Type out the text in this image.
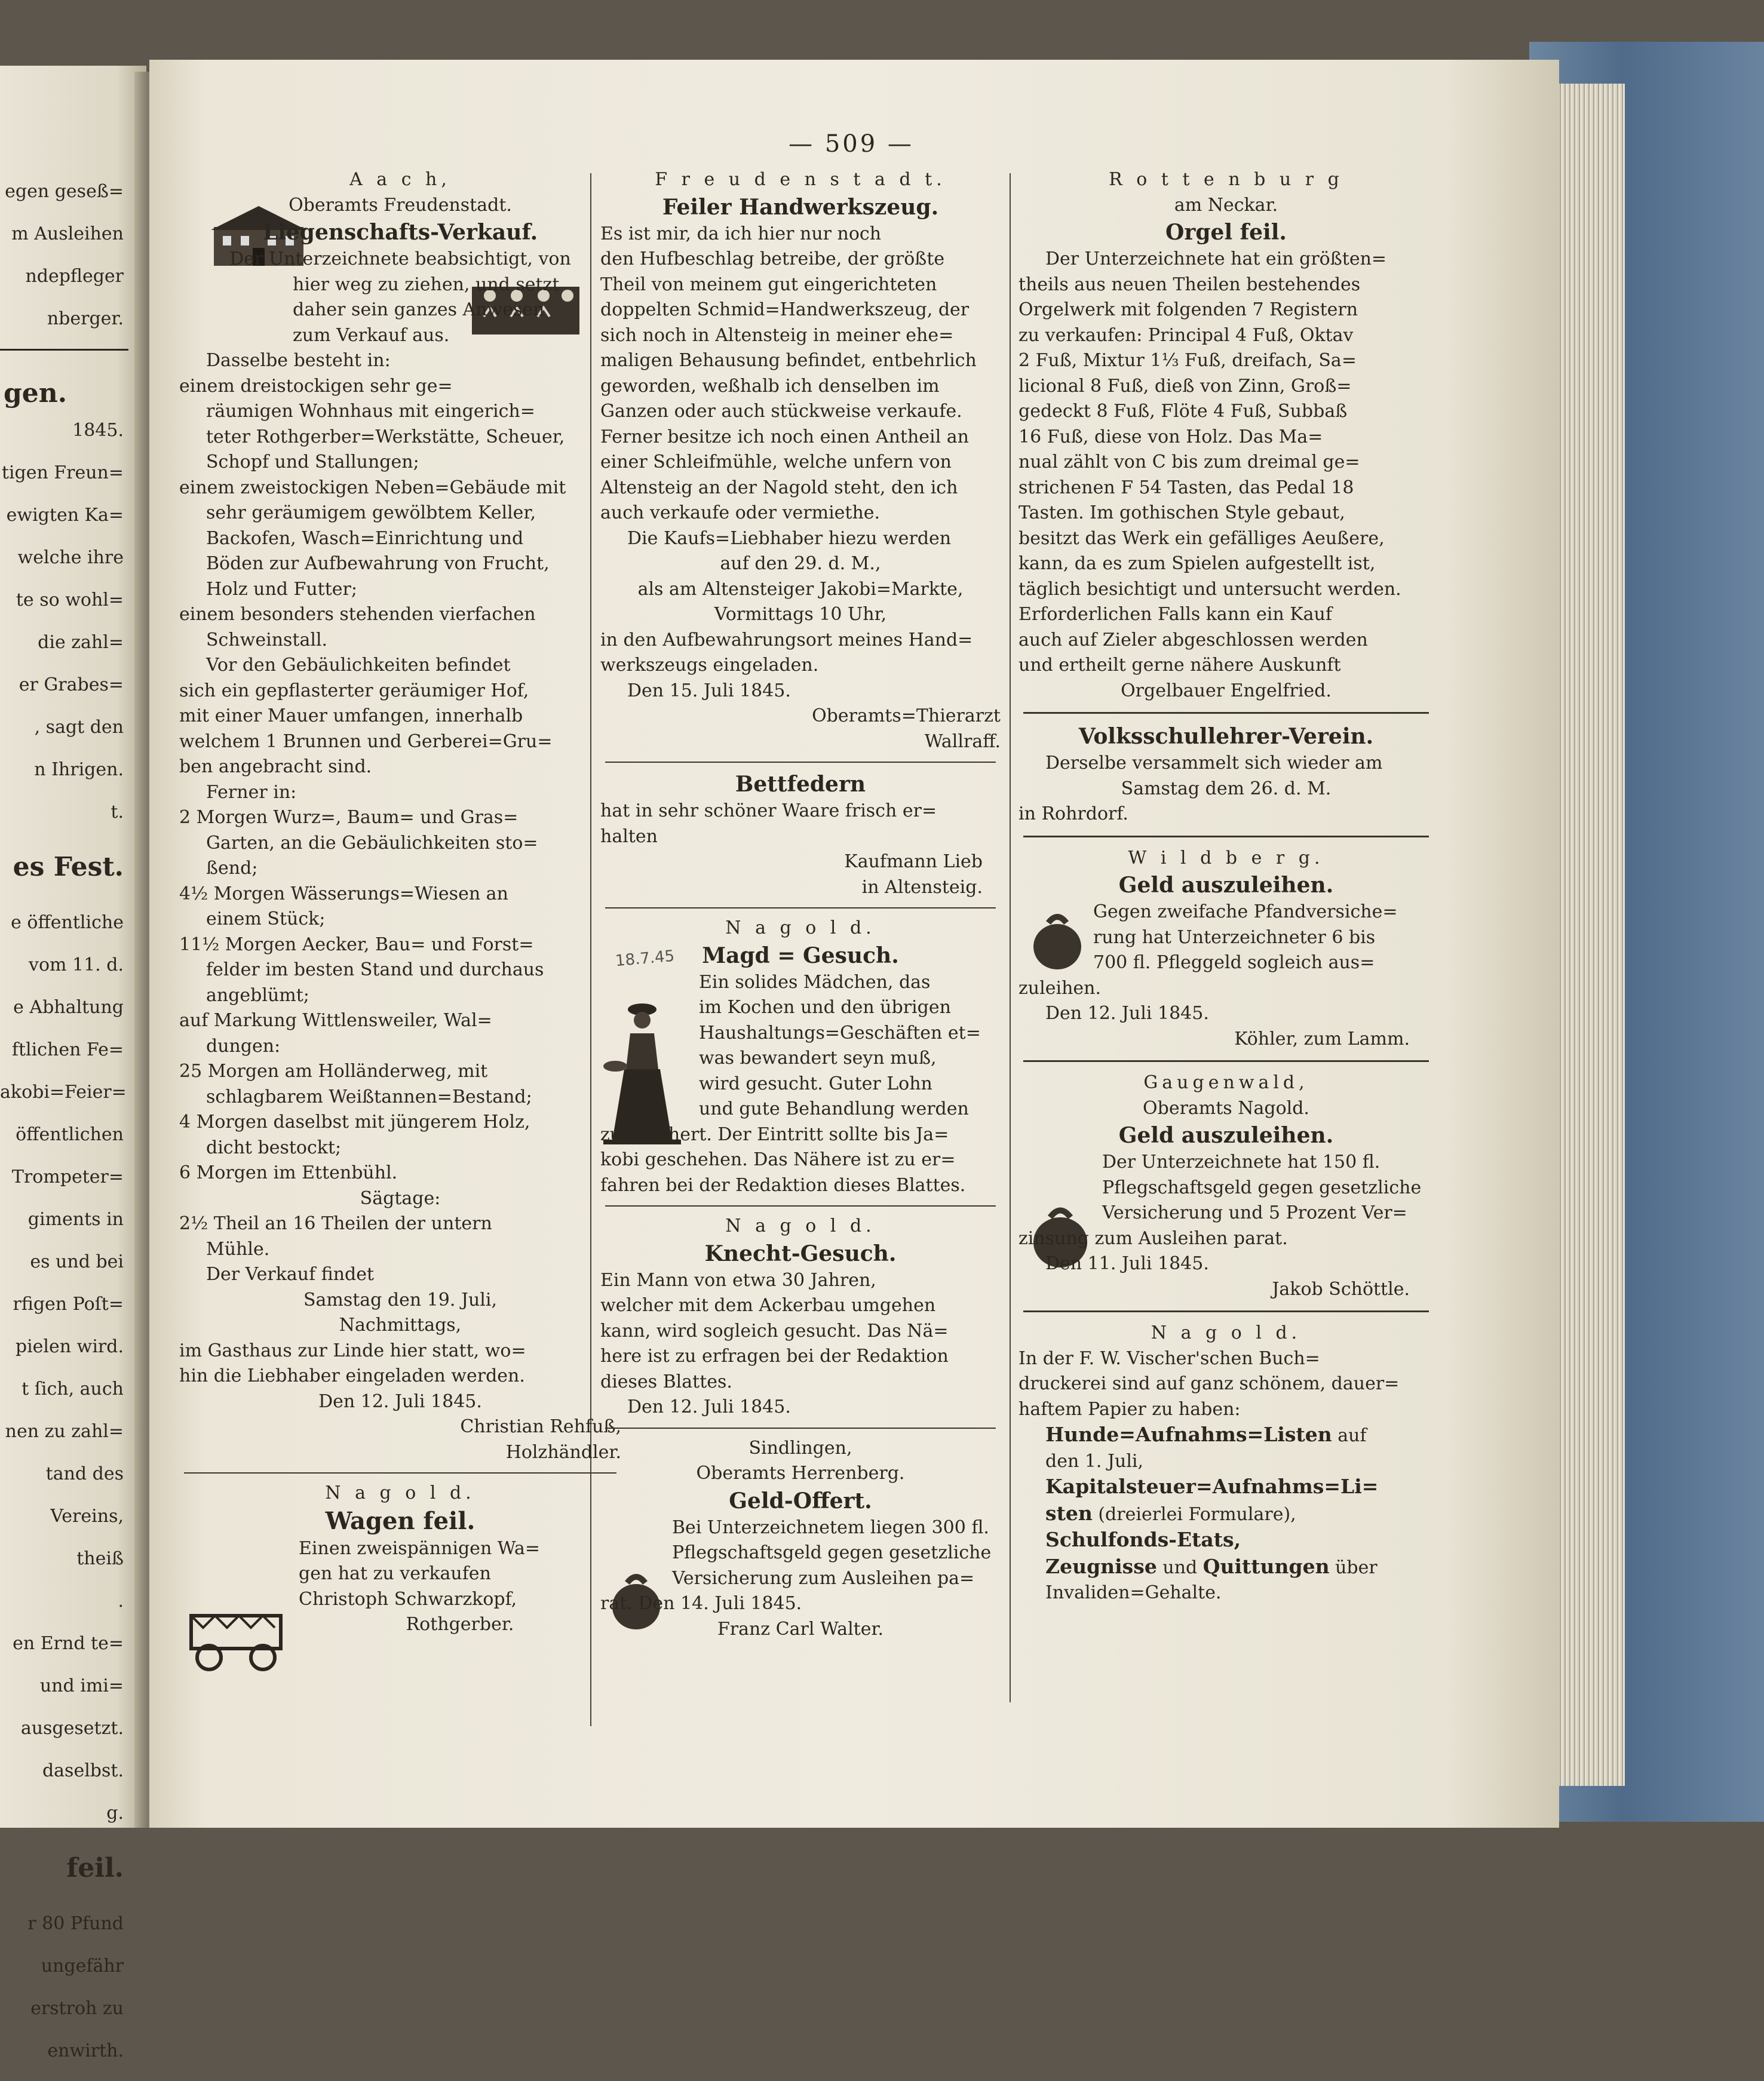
egen geseß=

m Ausleihen

ndepfleger

nberger.

gen.

1845.

tigen Freun=

ewigten Ka=

welche ihre

te so wohl=

die zahl=

er Grabes=

, sagt den

n Ihrigen.

t.

es Fest.

e öffentliche

vom 11. d.

e Abhaltung

ftlichen Fe=

akobi=Feier=

öffentlichen

Trompeter=

giments in

es und bei

rfigen Poſt=

pielen wird.

t ſich, auch

nen zu zahl=

tand des

Vereins,

theiß

.

en Ernd te=

und imi=

ausgesetzt.

daselbst.

g.

feil.

r 80 Pfund

ungefähr

erstroh zu

enwirth.

— 509 —
18.7.45

A a c h,

Oberamts Freudenstadt.

Liegenschafts-Verkauf.

Der Unterzeichnete beabsichtigt, von

hier weg zu ziehen, und setzt

daher sein ganzes Anwesen

zum Verkauf aus.

Dasselbe besteht in:

einem dreistockigen sehr ge=

räumigen Wohnhaus mit eingerich=

teter Rothgerber=Werkstätte, Scheuer,

Schopf und Stallungen;

einem zweistockigen Neben=Gebäude mit

sehr geräumigem gewölbtem Keller,

Backofen, Wasch=Einrichtung und

Böden zur Aufbewahrung von Frucht,

Holz und Futter;

einem besonders stehenden vierfachen

Schweinstall.

Vor den Gebäulichkeiten befindet

sich ein gepflasterter geräumiger Hof,

mit einer Mauer umfangen, innerhalb

welchem 1 Brunnen und Gerberei=Gru=

ben angebracht sind.

Ferner in:

2 Morgen Wurz=, Baum= und Gras=

Garten, an die Gebäulichkeiten sto=

ßend;

4½ Morgen Wässerungs=Wiesen an

einem Stück;

11½ Morgen Aecker, Bau= und Forst=

felder im besten Stand und durchaus

angeblümt;

auf Markung Wittlensweiler, Wal=

dungen:

25 Morgen am Holländerweg, mit

schlagbarem Weißtannen=Bestand;

4 Morgen daselbst mit jüngerem Holz,

dicht bestockt;

6 Morgen im Ettenbühl.

Sägtage:

2½ Theil an 16 Theilen der untern

Mühle.

Der Verkauf findet

Samstag den 19. Juli,

Nachmittags,

im Gasthaus zur Linde hier statt, wo=

hin die Liebhaber eingeladen werden.

Den 12. Juli 1845.

Christian Rehfuß,

Holzhändler.

N a g o l d.

Wagen feil.

Einen zweispännigen Wa=

gen hat zu verkaufen

Christoph Schwarzkopf,

Rothgerber.

F r e u d e n s t a d t.

Feiler Handwerkszeug.

Es ist mir, da ich hier nur noch

den Hufbeschlag betreibe, der größte

Theil von meinem gut eingerichteten

doppelten Schmid=Handwerkszeug, der

sich noch in Altensteig in meiner ehe=

maligen Behausung befindet, entbehrlich

geworden, weßhalb ich denselben im

Ganzen oder auch stückweise verkaufe.

Ferner besitze ich noch einen Antheil an

einer Schleifmühle, welche unfern von

Altensteig an der Nagold steht, den ich

auch verkaufe oder vermiethe.

Die Kaufs=Liebhaber hiezu werden

auf den 29. d. M.,

als am Altensteiger Jakobi=Markte,

Vormittags 10 Uhr,

in den Aufbewahrungsort meines Hand=

werkszeugs eingeladen.

Den 15. Juli 1845.

Oberamts=Thierarzt

Wallraff.

Bettfedern

hat in sehr schöner Waare frisch er=

halten

Kaufmann Lieb

in Altensteig.

N a g o l d.

Magd = Gesuch.

Ein solides Mädchen, das

im Kochen und den übrigen

Haushaltungs=Geschäften et=

was bewandert seyn muß,

wird gesucht. Guter Lohn

und gute Behandlung werden

zugesichert. Der Eintritt sollte bis Ja=

kobi geschehen. Das Nähere ist zu er=

fahren bei der Redaktion dieses Blattes.

N a g o l d.

Knecht-Gesuch.

Ein Mann von etwa 30 Jahren,

welcher mit dem Ackerbau umgehen

kann, wird sogleich gesucht. Das Nä=

here ist zu erfragen bei der Redaktion

dieses Blattes.

Den 12. Juli 1845.

Sindlingen,

Oberamts Herrenberg.

Geld-Offert.

Bei Unterzeichnetem liegen 300 fl.

Pflegschaftsgeld gegen gesetzliche

Versicherung zum Ausleihen pa=

rat. Den 14. Juli 1845.

Franz Carl Walter.

R o t t e n b u r g

am Neckar.

Orgel feil.

Der Unterzeichnete hat ein größten=

theils aus neuen Theilen bestehendes

Orgelwerk mit folgenden 7 Registern

zu verkaufen: Principal 4 Fuß, Oktav

2 Fuß, Mixtur 1⅓ Fuß, dreifach, Sa=

licional 8 Fuß, dieß von Zinn, Groß=

gedeckt 8 Fuß, Flöte 4 Fuß, Subbaß

16 Fuß, diese von Holz. Das Ma=

nual zählt von C bis zum dreimal ge=

strichenen F 54 Tasten, das Pedal 18

Tasten. Im gothischen Style gebaut,

besitzt das Werk ein gefälliges Aeußere,

kann, da es zum Spielen aufgestellt ist,

täglich besichtigt und untersucht werden.

Erforderlichen Falls kann ein Kauf

auch auf Zieler abgeschlossen werden

und ertheilt gerne nähere Auskunft

Orgelbauer Engelfried.

Volksschullehrer-Verein.

Derselbe versammelt sich wieder am

Samstag dem 26. d. M.

in Rohrdorf.

W i l d b e r g.

Geld auszuleihen.

Gegen zweifache Pfandversiche=

rung hat Unterzeichneter 6 bis

700 fl. Pfleggeld sogleich aus=

zuleihen.

Den 12. Juli 1845.

Köhler, zum Lamm.

Gaugenwald,

Oberamts Nagold.

Geld auszuleihen.

Der Unterzeichnete hat 150 fl.

Pflegschaftsgeld gegen gesetzliche

Versicherung und 5 Prozent Ver=

zinsung zum Ausleihen parat.

Den 11. Juli 1845.

Jakob Schöttle.

N a g o l d.

In der F. W. Vischer'schen Buch=

druckerei sind auf ganz schönem, dauer=

haftem Papier zu haben:

Hunde=Aufnahms=Listen auf

den 1. Juli,

Kapitalsteuer=Aufnahms=Li=

sten (dreierlei Formulare),

Schulfonds-Etats,

Zeugnisse und Quittungen über

Invaliden=Gehalte.
